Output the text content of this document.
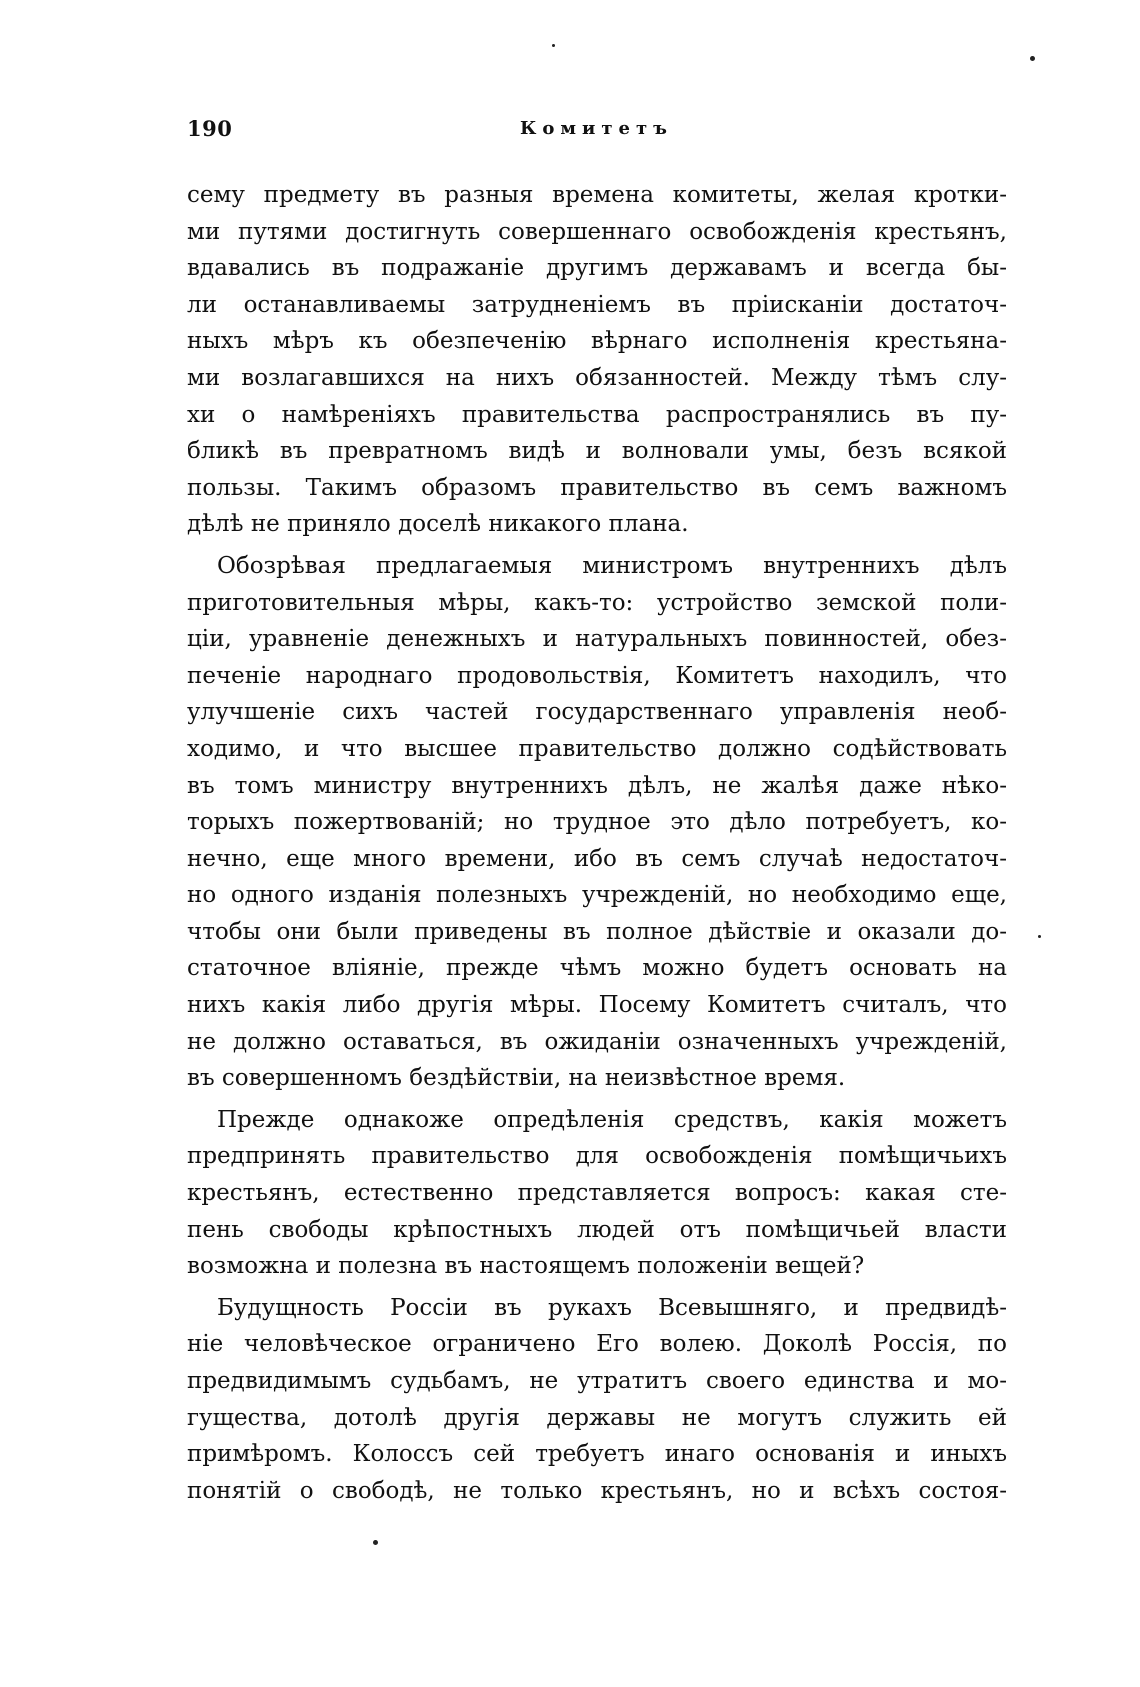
190	Комитетъ
сему предмету въ разныя времена комитеты, желая кротки-
ми путями достигнуть совершеннаго освобожденія крестьянъ,
вдавались въ подражаніе другимъ державамъ и всегда бы-
ли останавливаемы затрудненіемъ въ прiисканiи достаточ-
ныхъ мѣръ къ обезпеченію вѣрнаго исполненія крестьяна-
ми возлагавшихся на нихъ обязанностей. Между тѣмъ слу-
хи о намѣреніяхъ правительства распространялись въ пу-
бликѣ въ превратномъ видѣ и волновали умы, безъ всякой
пользы. Такимъ образомъ правительство въ семъ важномъ
дѣлѣ не приняло доселѣ никакого плана.
Обозрѣвая предлагаемыя министромъ внутреннихъ дѣлъ
приготовительныя мѣры, какъ-то: устройство земской поли-
ціи, уравненіе денежныхъ и натуральныхъ повинностей, обез-
печеніе народнаго продовольствія, Комитетъ находилъ, что
улучшеніе сихъ частей государственнаго управленія необ-
ходимо, и что высшее правительство должно содѣйствовать
въ томъ министру внутреннихъ дѣлъ, не жалѣя даже нѣко-
торыхъ пожертвованій; но трудное это дѣло потребуетъ, ко-
нечно, еще много времени, ибо въ семъ случаѣ недостаточ-
но одного изданія полезныхъ учрежденій, но необходимо еще,
чтобы они были приведены въ полное дѣйствіе и оказали до-
статочное вліяніе, прежде чѣмъ можно будетъ основать на
нихъ какія либо другія мѣры. Посему Комитетъ считалъ, что
не должно оставаться, въ ожиданіи означенныхъ учрежденій,
въ совершенномъ бездѣйствіи, на неизвѣстное время.
Прежде однакоже опредѣленія средствъ, какія можетъ
предпринять правительство для освобожденія помѣщичьихъ
крестьянъ, естественно представляется вопросъ: какая сте-
пень свободы крѣпостныхъ людей отъ помѣщичьей власти
возможна и полезна въ настоящемъ положеніи вещей?
Будущность Россіи въ рукахъ Всевышняго, и предвидѣ-
ніе человѣческое ограничено Его волею. Доколѣ Россія, по
предвидимымъ судьбамъ, не утратитъ своего единства и мо-
гущества, дотолѣ другія державы не могутъ служить ей
примѣромъ. Колоссъ сей требуетъ инаго основанія и иныхъ
понятій о свободѣ, не только крестьянъ, но и всѣхъ состоя-
